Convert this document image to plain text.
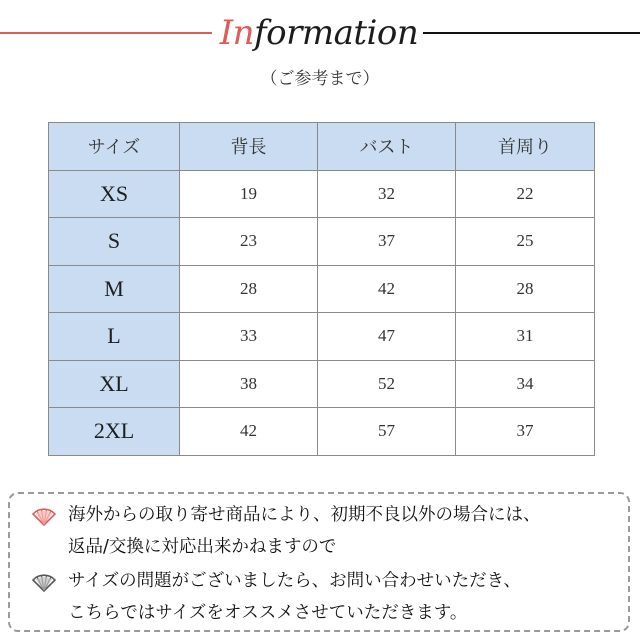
Information
（ご参考まで）
サイズ	背長	バスト	首周り
XS	19	32	22
S	23	37	25
M	28	42	28
L	33	47	31
XL	38	52	34
2XL	42	57	37
海外からの取り寄せ商品により、初期不良以外の場合には、
返品/交換に対応出来かねますので
サイズの問題がございましたら、お問い合わせいただき、
こちらではサイズをオススメさせていただきます。
